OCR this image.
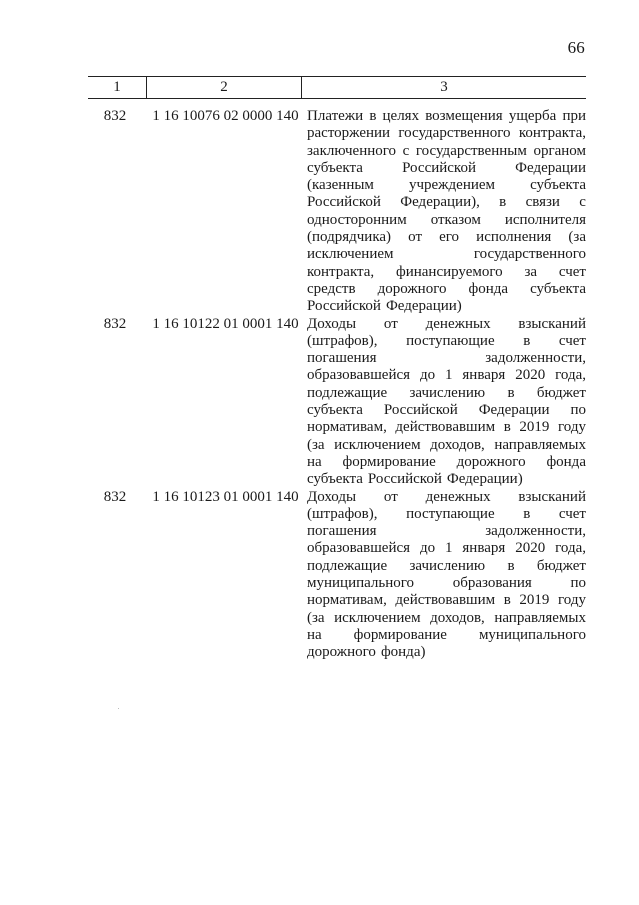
66
1	2	3
832	1 16 10076 02 0000 140 Платежи в целях возмещения ущерба при
расторжении государственного контракта,
заключенного с государственным органом
субъекта	Российской	Федерации
(казенным учреждением субъекта
Российской Федерации), в связи с
односторонним отказом исполнителя
(подрядчика) от его исполнения (за
исключением	государственного
контракта, финансируемого за счет
средств дорожного фонда субъекта
Российской Федерации)
832	1 16 10122 01 0001 140 Доходы от денежных взысканий
(штрафов), поступающие в счет
погашения	задолженности,
образовавшейся до 1 января 2020 года,
подлежащие зачислению в бюджет
субъекта Российской Федерации по
нормативам, действовавшим в 2019 году
(за исключением доходов, направляемых
на формирование дорожного фонда
субъекта Российской Федерации)
832	1 16 10123 01 0001 140 Доходы от денежных взысканий
(штрафов), поступающие в счет
погашения	задолженности,
образовавшейся до 1 января 2020 года,
подлежащие зачислению в бюджет
муниципального	образования	по
нормативам, действовавшим в 2019 году
(за исключением доходов, направляемых
на формирование муниципального
дорожного фонда)
